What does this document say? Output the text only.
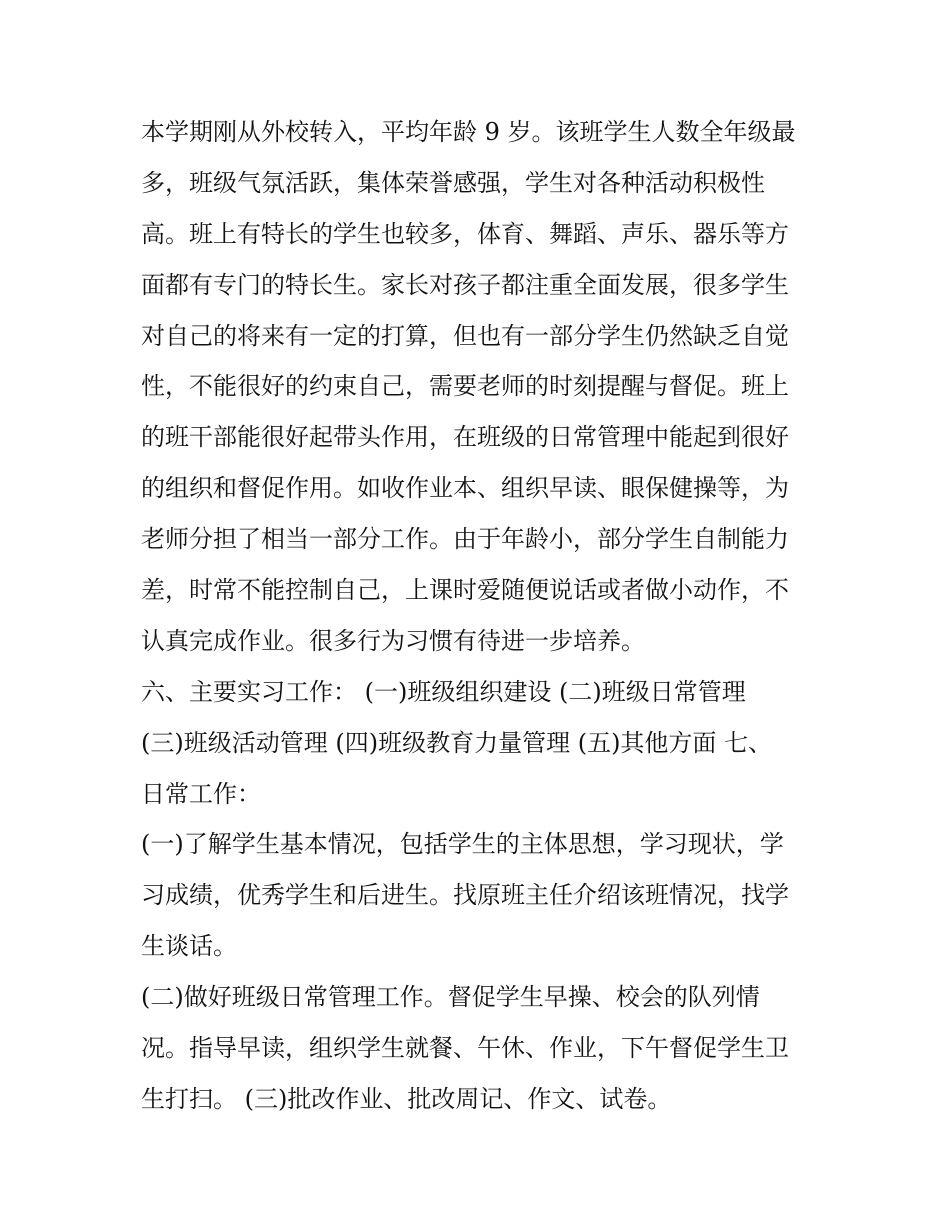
本学期刚从外校转入，平均年龄 9 岁。该班学生人数全年级最
多，班级气氛活跃，集体荣誉感强，学生对各种活动积极性
高。班上有特长的学生也较多，体育、舞蹈、声乐、器乐等方
面都有专门的特长生。家长对孩子都注重全面发展，很多学生
对自己的将来有一定的打算，但也有一部分学生仍然缺乏自觉
性，不能很好的约束自己，需要老师的时刻提醒与督促。班上
的班干部能很好起带头作用，在班级的日常管理中能起到很好
的组织和督促作用。如收作业本、组织早读、眼保健操等，为
老师分担了相当一部分工作。由于年龄小，部分学生自制能力
差，时常不能控制自己，上课时爱随便说话或者做小动作，不
认真完成作业。很多行为习惯有待进一步培养。
六、主要实习工作： (一)班级组织建设 (二)班级日常管理
(三)班级活动管理 (四)班级教育力量管理 (五)其他方面 七、
日常工作：
(一)了解学生基本情况，包括学生的主体思想，学习现状，学
习成绩，优秀学生和后进生。找原班主任介绍该班情况，找学
生谈话。
(二)做好班级日常管理工作。督促学生早操、校会的队列情
况。指导早读，组织学生就餐、午休、作业，下午督促学生卫
生打扫。 (三)批改作业、批改周记、作文、试卷。
